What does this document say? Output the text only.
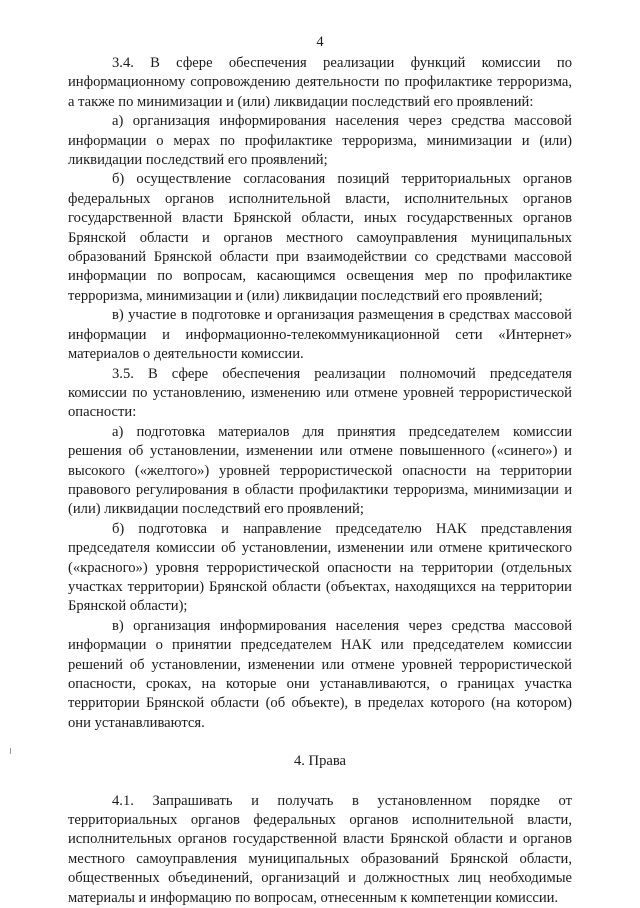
4

3.4. В сфере обеспечения реализации функций комиссии по информационному сопровождению деятельности по профилактике терроризма, а также по минимизации и (или) ликвидации последствий его проявлений:

а) организация информирования населения через средства массовой информации о мерах по профилактике терроризма, минимизации и (или) ликвидации последствий его проявлений;

б) осуществление согласования позиций территориальных органов федеральных органов исполнительной власти, исполнительных органов государственной власти Брянской области, иных государственных органов Брянской области и органов местного самоуправления муниципальных образований Брянской области при взаимодействии со средствами массовой информации по вопросам, касающимся освещения мер по профилактике терроризма, минимизации и (или) ликвидации последствий его проявлений;

в) участие в подготовке и организация размещения в средствах массовой информации и информационно-телекоммуникационной сети «Интернет» материалов о деятельности комиссии.

3.5. В сфере обеспечения реализации полномочий председателя комиссии по установлению, изменению или отмене уровней террористической опасности:

а) подготовка материалов для принятия председателем комиссии решения об установлении, изменении или отмене повышенного («синего») и высокого («желтого») уровней террористической опасности на территории правового регулирования в области профилактики терроризма, минимизации и (или) ликвидации последствий его проявлений;

б) подготовка и направление председателю НАК представления председателя комиссии об установлении, изменении или отмене критического («красного») уровня террористической опасности на территории (отдельных участках территории) Брянской области (объектах, находящихся на территории Брянской области);

в) организация информирования населения через средства массовой информации о принятии председателем НАК или председателем комиссии решений об установлении, изменении или отмене уровней террористической опасности, сроках, на которые они устанавливаются, о границах участка территории Брянской области (об объекте), в пределах которого (на котором) они устанавливаются.

4. Права

4.1. Запрашивать и получать в установленном порядке от территориальных органов федеральных органов исполнительной власти, исполнительных органов государственной власти Брянской области и органов местного самоуправления муниципальных образований Брянской области, общественных объединений, организаций и должностных лиц необходимые материалы и информацию по вопросам, отнесенным к компетенции комиссии.
